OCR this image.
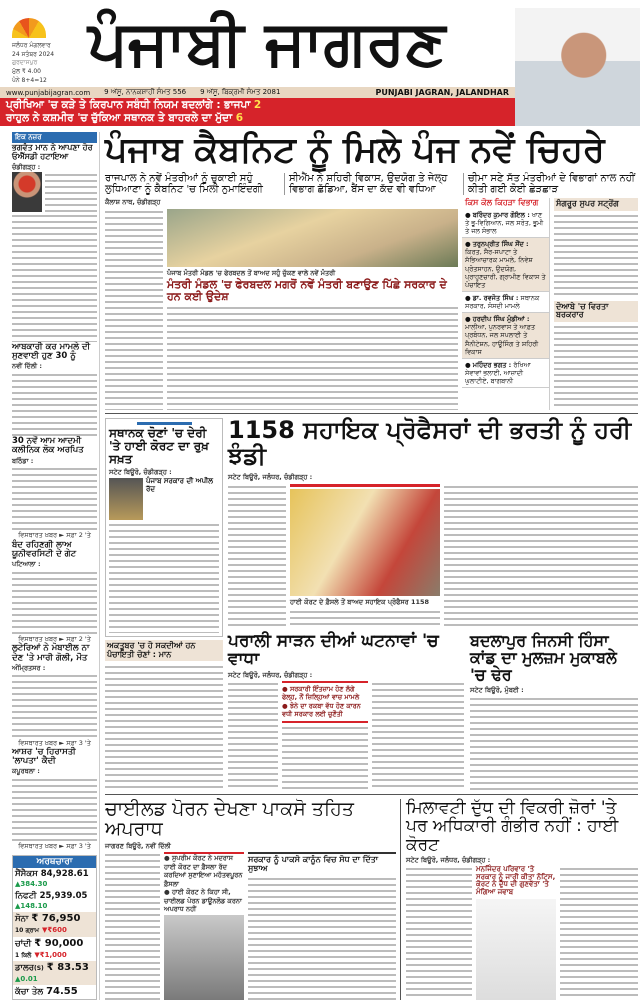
ਜਲੰਧਰ ਮੰਗਲਵਾਰ
24 ਸਤੰਬਰ 2024
ਗੁਰਦਾਸਪੁਰ
ਮੁੱਲ ₹ 4.00
ਪੰਨੇ 8+4=12
ਪੰਜਾਬੀ ਜਾਗਰਣ
www.punjabijagran.com 9 ਅੱਸੂ, ਨਾਨਕਸ਼ਾਹੀ ਸੰਮਤ 556 9 ਅੱਸੂ, ਬਿਕ੍ਰਮੀ ਸੰਮਤ 2081	PUNJABI JAGRAN, JALANDHAR
ਪ੍ਰੀਖਿਆ 'ਚ ਕੜੇ ਤੇ ਕਿਰਪਾਨ ਸਬੰਧੀ ਨਿਯਮ ਬਦਲਾਂਗੇ : ਭਾਜਪਾ 2
ਰਾਹੁਲ ਨੇ ਕਸ਼ਮੀਰ 'ਚ ਚੁੱਕਿਆ ਸਥਾਨਕ ਤੇ ਬਾਹਰਲੇ ਦਾ ਮੁੱਦਾ 6
ਇਕ ਨਜ਼ਰ
ਭਗਵੰਤ ਮਾਨ ਨੇ ਆਪਣਾ ਹੋਰ ਓਐੱਸਡੀ ਹਟਾਇਆ
ਚੰਡੀਗੜ੍ਹ :
ਆਬਕਾਰੀ ਕਰ ਮਾਮਲੇ ਦੀ ਸੁਣਵਾਈ ਹੁਣ 30 ਨੂੰ
ਨਵੀਂ ਦਿੱਲੀ :
30 ਨਵੇਂ ਆਮ ਆਦਮੀ ਕਲੀਨਿਕ ਲੋਕ ਅਰਪਿਤ
ਬਠਿੰਡਾ :
ਵਿਸਥਾਰਤ ਖ਼ਬਰ ► ਸਫ਼ਾ 2 'ਤੇ
ਬੰਦ ਰਹਿਣਗੀ ਲਾਅ ਯੂਨੀਵਰਸਿਟੀ ਦੇ ਗੇਟ
ਪਟਿਆਲਾ :
ਵਿਸਥਾਰਤ ਖ਼ਬਰ ► ਸਫ਼ਾ 2 'ਤੇ
ਲੁਟੇਰਿਆਂ ਨੇ ਮੋਬਾਈਲ ਨਾ ਦੇਣ 'ਤੇ ਮਾਰੀ ਗੋਲੀ, ਮੌਤ
ਅੰਮ੍ਰਿਤਸਰ :
ਵਿਸਥਾਰਤ ਖ਼ਬਰ ► ਸਫ਼ਾ 3 'ਤੇ
ਆਸ਼ਰ 'ਚ ਹਿਰਾਸਤੀ 'ਲਾਪਤਾ' ਕੈਦੀ
ਕਪੂਰਥਲਾ :
ਵਿਸਥਾਰਤ ਖ਼ਬਰ ► ਸਫ਼ਾ 3 'ਤੇ
ਅਰਥਚਾਰਾ
ਸੈਂਸੈਕਸ 84,928.61 ▲384.30
ਨਿਫਟੀ 25,939.05 ▲148.10
ਸੋਨਾ ₹ 76,950
10 ਗ੍ਰਾਮ ▼₹600
ਚਾਂਦੀ ₹ 90,000
1 ਕਿਲੋ ▼₹1,000
ਡਾਲਰ(S) ₹ 83.53
▲0.01
ਕੱਚਾ ਤੇਲ 74.55
ਪੰਜਾਬ ਕੈਬਨਿਟ ਨੂੰ ਮਿਲੇ ਪੰਜ ਨਵੇਂ ਚਿਹਰੇ
ਰਾਜਪਾਲ ਨੇ ਨਵੇਂ ਮੰਤਰੀਆਂ ਨੂੰ ਚੁਕਾਈ ਸਹੁੰ ਲੁਧਿਆਣਾ ਨੂੰ ਕੈਬਨਿਟ 'ਚ ਮਿਲੀ ਨੁਮਾਇੰਦਗੀ
ਸੀਐੱਮ ਨੇ ਸ਼ਹਿਰੀ ਵਿਕਾਸ, ਉਦਯੋਗ ਤੇ ਜੇਲ੍ਹ ਵਿਭਾਗ ਛੱਡਿਆ, ਬੈਂਸ ਦਾ ਕੱਦ ਵੀ ਵਧਿਆ
ਚੀਮਾ ਸਣੇ ਸੱਤ ਮੰਤਰੀਆਂ ਦੇ ਵਿਭਾਗਾਂ ਨਾਲ ਨਹੀਂ ਕੀਤੀ ਗਈ ਕੋਈ ਛੇੜਛਾੜ
ਕੈਲਾਸ਼ ਨਾਥ, ਚੰਡੀਗੜ੍ਹ
ਪੰਜਾਬ ਮੰਤਰੀ ਮੰਡਲ 'ਚ ਫੇਰਬਦਲ ਤੋਂ ਬਾਅਦ ਸਹੁੰ ਚੁੱਕਣ ਵਾਲੇ ਨਵੇਂ ਮੰਤਰੀ
ਮੰਤਰੀ ਮੰਡਲ 'ਚ ਫੇਰਬਦਲ ਮਗਰੋਂ ਨਵੇਂ ਮੰਤਰੀ ਬਣਾਉਣ ਪਿੱਛੇ ਸਰਕਾਰ ਦੇ ਹਨ ਕਈ ਉਦੇਸ਼
ਕਿਸ ਕੋਲ ਕਿਹੜਾ ਵਿਭਾਗ
● ਬਰਿੰਦਰ ਕੁਮਾਰ ਗੋਇਲ : ਖਾਣ ਤੇ ਭੂ-ਵਿਗਿਆਨ, ਜਲ ਸਰੋਤ, ਭੂਮੀ ਤੇ ਜਲ ਸੰਭਾਲ
● ਤਰੁਨਪ੍ਰੀਤ ਸਿੰਘ ਸੌਂਦ : ਕਿਰਤ, ਸੈਰ-ਸਪਾਟਾ ਤੇ ਸੱਭਿਆਚਾਰਕ ਮਾਮਲੇ, ਨਿਵੇਸ਼ ਪ੍ਰੋਤਸਾਹਨ, ਉਦਯੋਗ, ਪ੍ਰਾਹੁਣਚਾਰੀ, ਗ੍ਰਾਮੀਣ ਵਿਕਾਸ ਤੇ ਪੰਚਾਇਤ
● ਡਾ. ਰਵਜੋਤ ਸਿੰਘ : ਸਥਾਨਕ ਸਰਕਾਰ, ਸੰਸਦੀ ਮਾਮਲੇ
● ਹਰਦੀਪ ਸਿੰਘ ਮੁੰਡੀਆਂ : ਮਾਲੀਆ, ਪੁਨਰਵਾਸ ਤੇ ਆਫ਼ਤ ਪ੍ਰਬੰਧਨ, ਜਲ ਸਪਲਾਈ ਤੇ ਸੈਨੀਟੇਸ਼ਨ, ਹਾਊਸਿੰਗ ਤੇ ਸ਼ਹਿਰੀ ਵਿਕਾਸ
● ਮਹਿੰਦਰ ਭਗਤ : ਰੱਖਿਆ ਸੇਵਾਵਾਂ ਭਲਾਈ, ਆਜ਼ਾਦੀ ਘੁਲਾਟੀਏ, ਬਾਗਬਾਨੀ
ਸੰਗਰੂਰ ਸੁਪਰ ਸਟ੍ਰੋਂਗ
ਦੋਆਬੇ 'ਚ ਵਿਰਤਾ ਬਰਕਰਾਰ
ਸਥਾਨਕ ਚੋਣਾਂ 'ਚ ਦੇਰੀ 'ਤੇ ਹਾਈ ਕੋਰਟ ਦਾ ਰੁਖ਼ ਸਖ਼ਤ
ਸਟੇਟ ਬਿਊਰੋ, ਚੰਡੀਗੜ੍ਹ :
ਪੰਜਾਬ ਸਰਕਾਰ ਦੀ ਅਪੀਲ ਰੱਦ
ਅਕਤੂਬਰ 'ਚ ਹੋ ਸਕਦੀਆਂ ਹਨ ਪੰਚਾਇਤੀ ਚੋਣਾਂ : ਮਾਨ
1158 ਸਹਾਇਕ ਪ੍ਰੋਫੈਸਰਾਂ ਦੀ ਭਰਤੀ ਨੂੰ ਹਰੀ ਝੰਡੀ
ਸਟੇਟ ਬਿਊਰੋ, ਜਲੰਧਰ, ਚੰਡੀਗੜ੍ਹ :
ਹਾਈ ਕੋਰਟ ਦੇ ਫ਼ੈਸਲੇ ਤੋਂ ਬਾਅਦ ਸਹਾਇਕ ਪ੍ਰੋਫੈਸਰ 1158
ਪਰਾਲੀ ਸਾੜਨ ਦੀਆਂ ਘਟਨਾਵਾਂ 'ਚ ਵਾਧਾ
ਸਟੇਟ ਬਿਊਰੋ, ਜਲੰਧਰ, ਚੰਡੀਗੜ੍ਹ :
● ਸਰਕਾਰੀ ਇੰਤਜ਼ਾਮ ਹੋਣ ਲੱਗੇ ਫੇਲ੍ਹ, ਨੌਂ ਜ਼ਿਲ੍ਹਿਆਂ ਵਾਚ ਮਾਮਲੇ
● ਝੋਨੇ ਦਾ ਰਕਬਾ ਵੱਧ ਹੋਣ ਕਾਰਨ ਵਧੀ ਸਰਕਾਰ ਲਈ ਚੁਣੌਤੀ
ਬਦਲਾਪੁਰ ਜਿਨਸੀ ਹਿੰਸਾ ਕਾਂਡ ਦਾ ਮੁਲਜ਼ਮ ਮੁਕਾਬਲੇ 'ਚ ਢੇਰ
ਸਟੇਟ ਬਿਊਰੋ, ਮੁੰਬਈ :
ਚਾਈਲਡ ਪੋਰਨ ਦੇਖਣਾ ਪਾਕਸੋ ਤਹਿਤ ਅਪਰਾਧ
ਜਾਗਰਣ ਬਿਊਰੋ, ਨਵੀਂ ਦਿੱਲੀ
● ਸੁਪਰੀਮ ਕੋਰਟ ਨੇ ਮਦਰਾਸ ਹਾਈ ਕੋਰਟ ਦਾ ਫ਼ੈਸਲਾ ਰੱਦ ਕਰਦਿਆਂ ਸੁਣਾਇਆ ਮਹੱਤਵਪੂਰਨ ਫ਼ੈਸਲਾ
● ਹਾਈ ਕੋਰਟ ਨੇ ਕਿਹਾ ਸੀ, ਚਾਈਲਡ ਪੋਰਨ ਡਾਊਨਲੋਡ ਕਰਨਾ ਅਪਰਾਧ ਨਹੀਂ
ਸਰਕਾਰ ਨੂੰ ਪਾਕਸੋ ਕਾਨੂੰਨ ਵਿਚ ਸੋਧ ਦਾ ਦਿੱਤਾ ਸੁਝਾਅ
ਮਿਲਾਵਟੀ ਦੁੱਧ ਦੀ ਵਿਕਰੀ ਜ਼ੋਰਾਂ 'ਤੇ ਪਰ ਅਧਿਕਾਰੀ ਗੰਭੀਰ ਨਹੀਂ : ਹਾਈ ਕੋਰਟ
ਸਟੇਟ ਬਿਊਰੋ, ਜਲੰਧਰ, ਚੰਡੀਗੜ੍ਹ :
ਮਨਜਿੰਦਰ ਪਰਿਵਾਰ 'ਤੇ ਸਰਕਾਰ ਨੂੰ ਜਾਰੀ ਕੀਤਾ ਨੋਟਿਸ, ਕੋਰਟ ਨੇ ਦੁੱਧ ਦੀ ਗੁਣਵੱਤਾ 'ਤੇ ਮੰਗਿਆ ਜਵਾਬ
